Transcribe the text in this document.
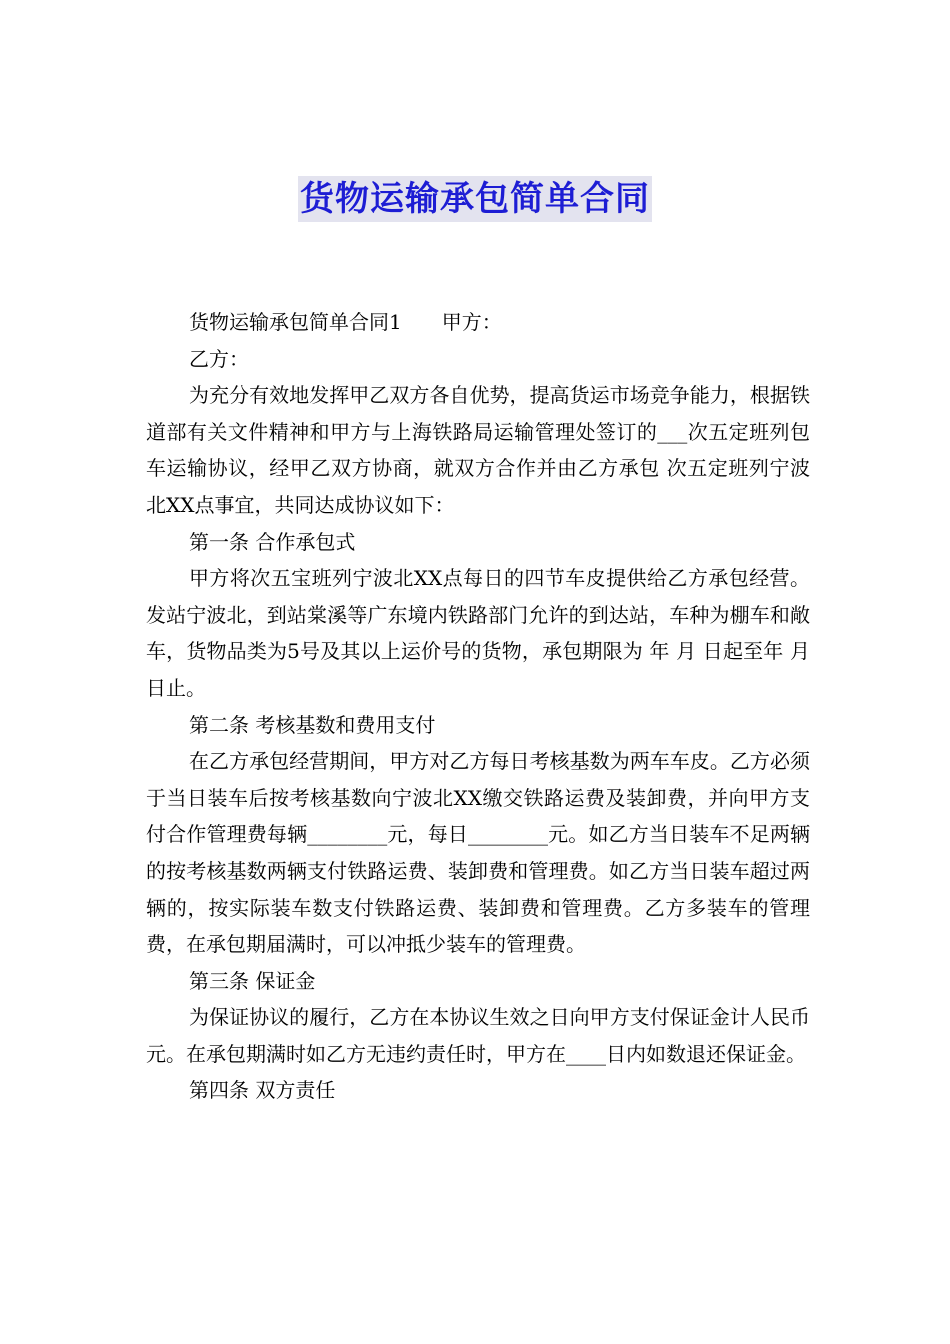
货物运输承包简单合同

货物运输承包简单合同1 甲方：

乙方：

为充分有效地发挥甲乙双方各自优势，提高货运市场竞争能力，根据铁道部有关文件精神和甲方与上海铁路局运输管理处签订的___次五定班列包车运输协议，经甲乙双方协商，就双方合作并由乙方承包 次五定班列宁波北XX点事宜，共同达成协议如下：

第一条 合作承包式

甲方将次五宝班列宁波北XX点每日的四节车皮提供给乙方承包经营。发站宁波北，到站棠溪等广东境内铁路部门允许的到达站，车种为棚车和敞车，货物品类为5号及其以上运价号的货物，承包期限为 年 月 日起至年 月 日止。

第二条 考核基数和费用支付

在乙方承包经营期间，甲方对乙方每日考核基数为两车车皮。乙方必须于当日装车后按考核基数向宁波北XX缴交铁路运费及装卸费，并向甲方支付合作管理费每辆________元，每日________元。如乙方当日装车不足两辆的按考核基数两辆支付铁路运费、装卸费和管理费。如乙方当日装车超过两辆的，按实际装车数支付铁路运费、装卸费和管理费。乙方多装车的管理费，在承包期届满时，可以冲抵少装车的管理费。

第三条 保证金

为保证协议的履行，乙方在本协议生效之日向甲方支付保证金计人民币 元。在承包期满时如乙方无违约责任时，甲方在____日内如数退还保证金。

第四条 双方责任
